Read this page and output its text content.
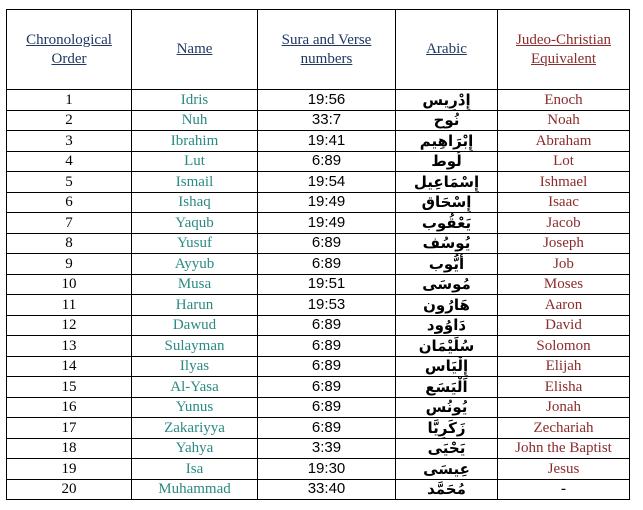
Chronological Order	Name	Sura and Verse numbers	Arabic	Judeo-Christian Equivalent
1	Idris	19:56	إِدْرِيس	Enoch
2	Nuh	33:7	نُوح	Noah
3	Ibrahim	19:41	إِبْرَاهِيم	Abraham
4	Lut	6:89	لُوط	Lot
5	Ismail	19:54	إِسْمَاعِيل	Ishmael
6	Ishaq	19:49	إِسْحَاق	Isaac
7	Yaqub	19:49	يَعْقُوب	Jacob
8	Yusuf	6:89	يُوسُف	Joseph
9	Ayyub	6:89	أَيُّوب	Job
10	Musa	19:51	مُوسَى	Moses
11	Harun	19:53	هَارُون	Aaron
12	Dawud	6:89	دَاوُود	David
13	Sulayman	6:89	سُلَيْمَان	Solomon
14	Ilyas	6:89	إِلْيَاس	Elijah
15	Al-Yasa	6:89	اَلْيَسَع	Elisha
16	Yunus	6:89	يُونُس	Jonah
17	Zakariyya	6:89	زَكَرِيَّا	Zechariah
18	Yahya	3:39	يَحْيَى	John the Baptist
19	Isa	19:30	عِيسَى	Jesus
20	Muhammad	33:40	مُحَمَّد	-
